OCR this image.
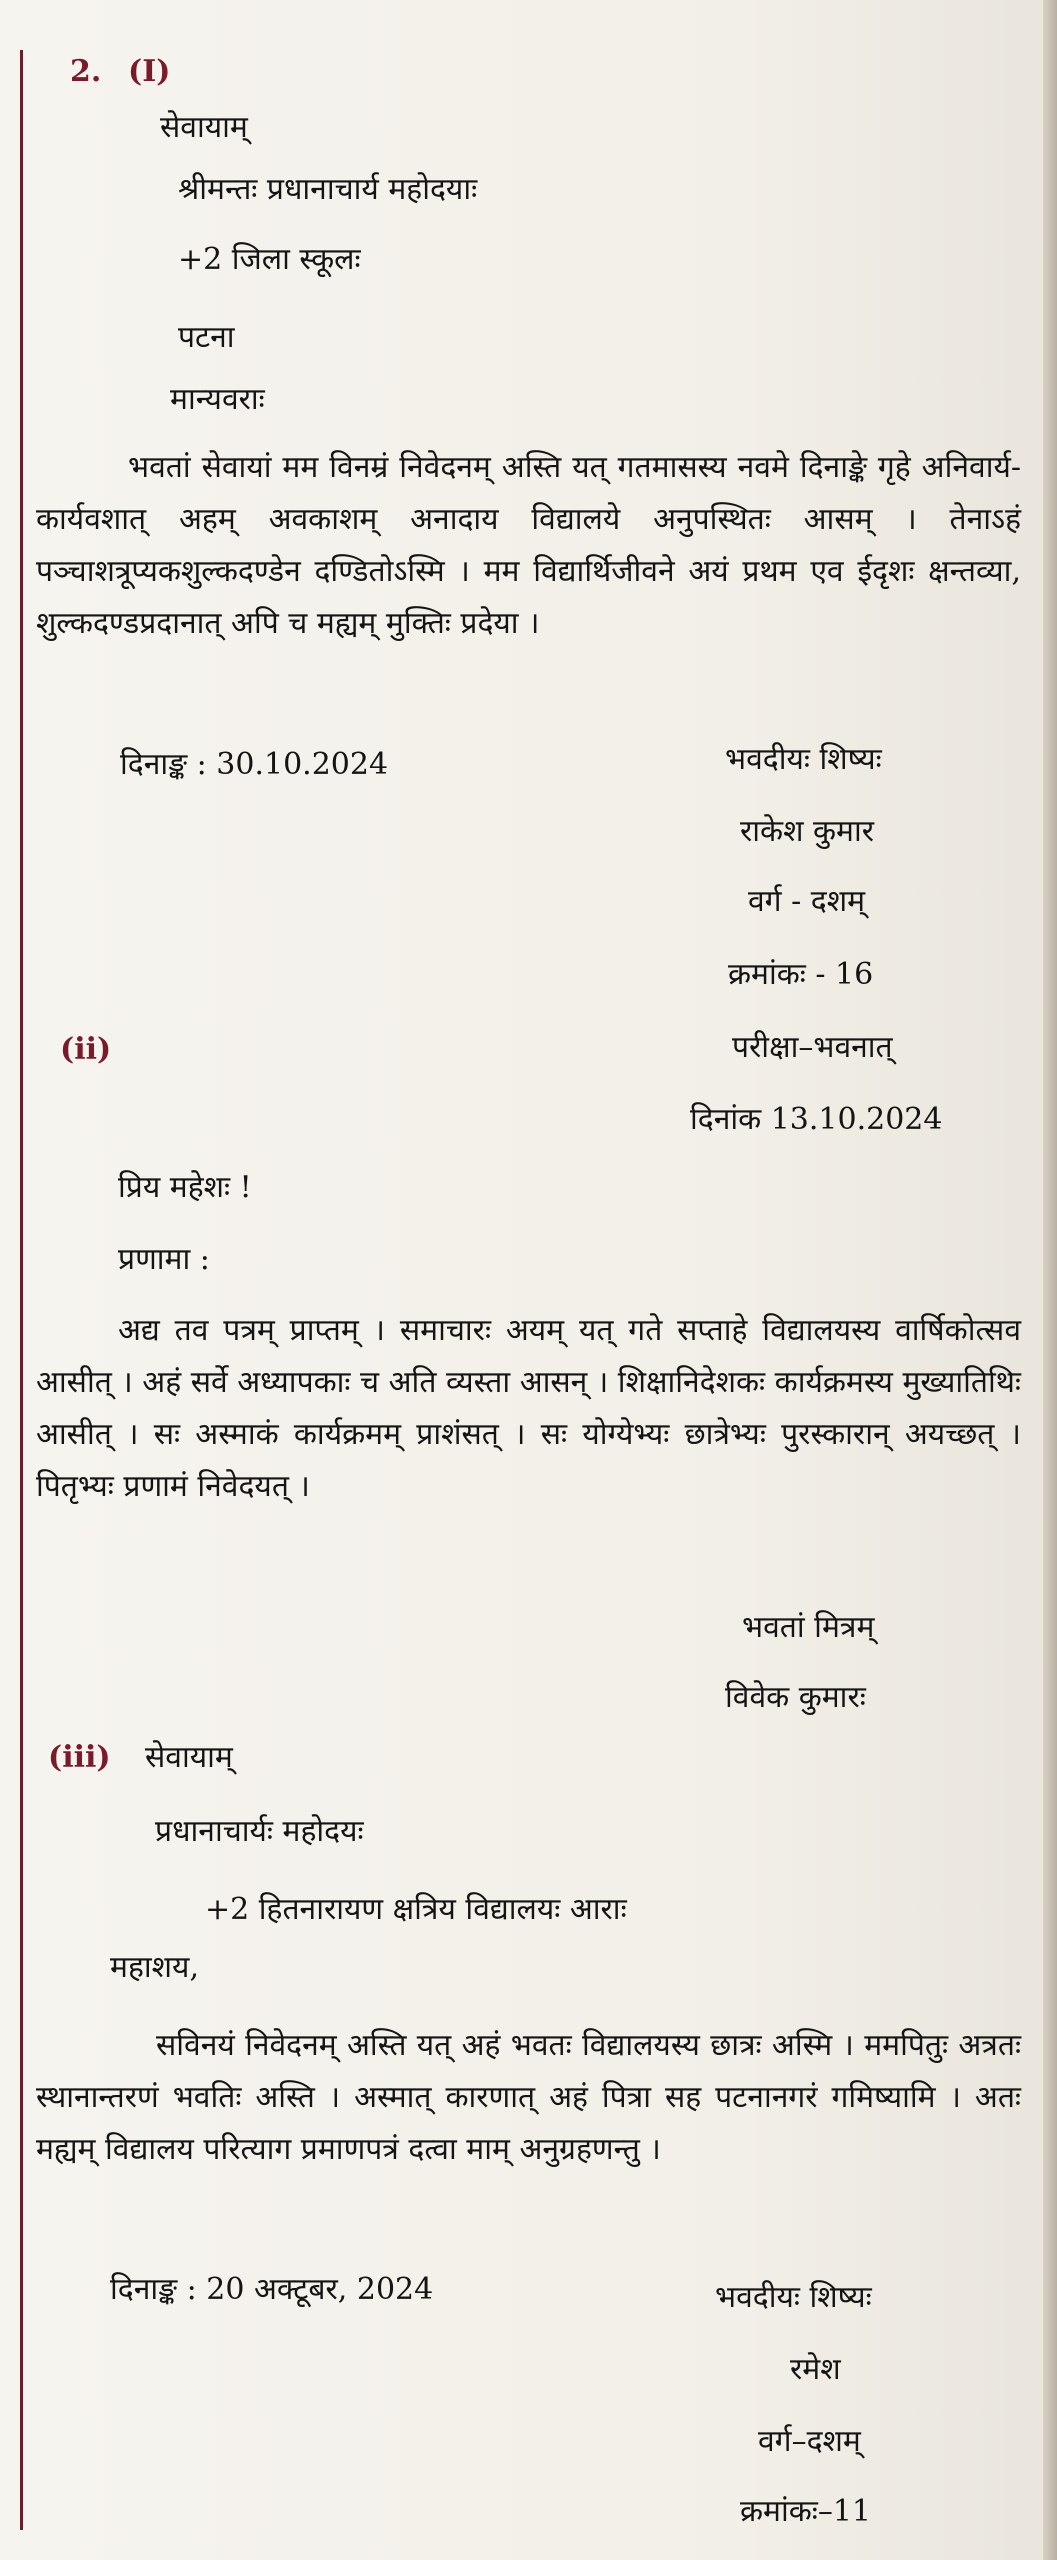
2. (I)
सेवायाम्
श्रीमन्तः प्रधानाचार्य महोदयाः
+2 जिला स्कूलः
पटना
मान्यवराः
भवतां सेवायां मम विनम्रं निवेदनम् अस्ति यत् गतमासस्य नवमे दिनाङ्के गृहे अनिवार्य-कार्यवशात् अहम् अवकाशम् अनादाय विद्यालये अनुपस्थितः आसम् । तेनाऽहं पञ्चाशत्रूप्यकशुल्कदण्डेन दण्डितोऽस्मि । मम विद्यार्थिजीवने अयं प्रथम एव ईदृशः क्षन्तव्या, शुल्कदण्डप्रदानात् अपि च मह्यम् मुक्तिः प्रदेया ।
दिनाङ्क : 30.10.2024	भवदीयः शिष्यः
राकेश कुमार
वर्ग - दशम्
क्रमांकः - 16
(ii)	परीक्षा–भवनात्
दिनांक 13.10.2024
प्रिय महेशः !
प्रणामा :
अद्य तव पत्रम् प्राप्तम् । समाचारः अयम् यत् गते सप्ताहे विद्यालयस्य वार्षिकोत्सव आसीत् । अहं सर्वे अध्यापकाः च अति व्यस्ता आसन् । शिक्षानिदेशकः कार्यक्रमस्य मुख्यातिथिः आसीत् । सः अस्माकं कार्यक्रमम् प्राशंसत् । सः योग्येभ्यः छात्रेभ्यः पुरस्कारान् अयच्छत् । पितृभ्यः प्रणामं निवेदयत् ।
भवतां मित्रम्
विवेक कुमारः
(iii) सेवायाम्
प्रधानाचार्यः महोदयः
+2 हितनारायण क्षत्रिय विद्यालयः आराः
महाशय,
सविनयं निवेदनम् अस्ति यत् अहं भवतः विद्यालयस्य छात्रः अस्मि । ममपितुः अत्रतः स्थानान्तरणं भवतिः अस्ति । अस्मात् कारणात् अहं पित्रा सह पटनानगरं गमिष्यामि । अतः मह्यम् विद्यालय परित्याग प्रमाणपत्रं दत्वा माम् अनुग्रहणन्तु ।
दिनाङ्क : 20 अक्टूबर, 2024	भवदीयः शिष्यः
रमेश
वर्ग–दशम्
क्रमांकः–11
